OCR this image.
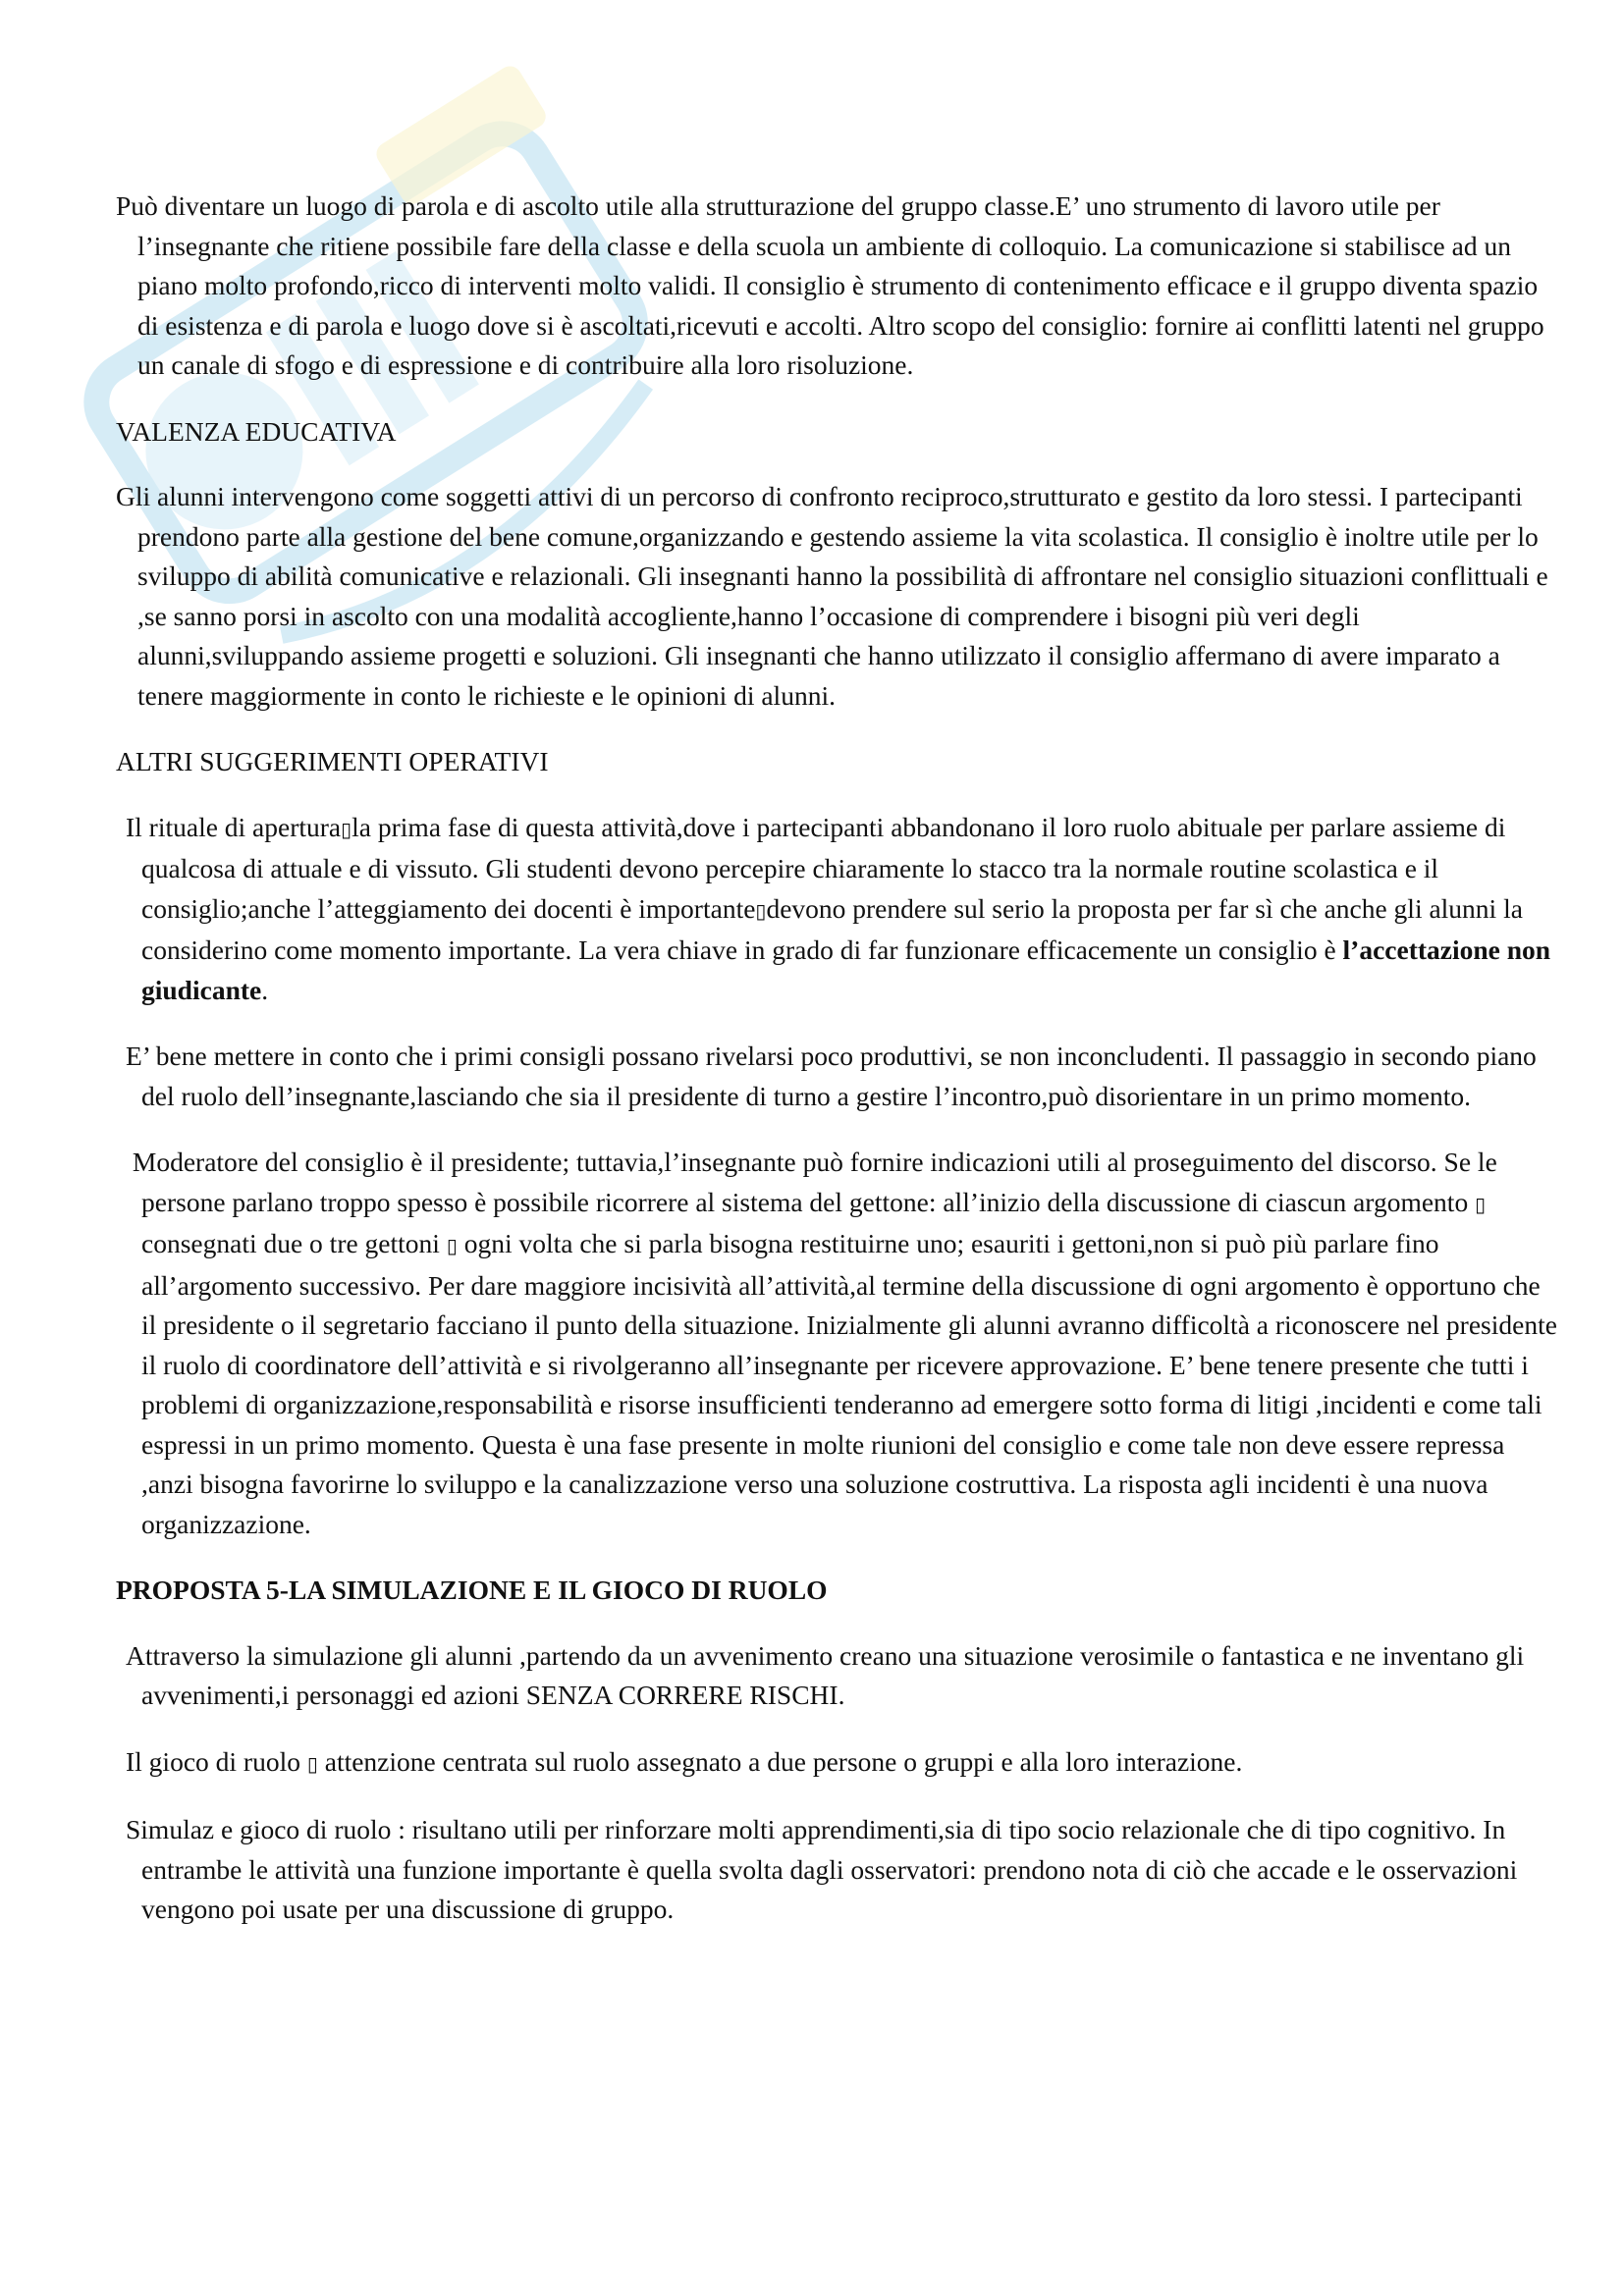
Può diventare un luogo di parola e di ascolto utile alla strutturazione del gruppo classe.E’ uno strumento di lavoro utile per l’insegnante che ritiene possibile fare della classe e della scuola un ambiente di colloquio. La comunicazione si stabilisce ad un piano molto profondo,ricco di interventi molto validi. Il consiglio è strumento di contenimento efficace e il gruppo diventa spazio di esistenza e di parola e luogo dove si è ascoltati,ricevuti e accolti. Altro scopo del consiglio: fornire ai conflitti latenti nel gruppo un canale di sfogo e di espressione e di contribuire alla loro risoluzione.

VALENZA EDUCATIVA

Gli alunni intervengono come soggetti attivi di un percorso di confronto reciproco,strutturato e gestito da loro stessi. I partecipanti prendono parte alla gestione del bene comune,organizzando e gestendo assieme la vita scolastica. Il consiglio è inoltre utile per lo sviluppo di abilità comunicative e relazionali. Gli insegnanti hanno la possibilità di affrontare nel consiglio situazioni conflittuali e ,se sanno porsi in ascolto con una modalità accogliente,hanno l’occasione di comprendere i bisogni più veri degli alunni,sviluppando assieme progetti e soluzioni. Gli insegnanti che hanno utilizzato il consiglio affermano di avere imparato a tenere maggiormente in conto le richieste e le opinioni di alunni.

ALTRI SUGGERIMENTI OPERATIVI

Il rituale di apertura▯la prima fase di questa attività,dove i partecipanti abbandonano il loro ruolo abituale per parlare assieme di qualcosa di attuale e di vissuto. Gli studenti devono percepire chiaramente lo stacco tra la normale routine scolastica e il consiglio;anche l’atteggiamento dei docenti è importante▯devono prendere sul serio la proposta per far sì che anche gli alunni la considerino come momento importante. La vera chiave in grado di far funzionare efficacemente un consiglio è l’accettazione non giudicante.

E’ bene mettere in conto che i primi consigli possano rivelarsi poco produttivi, se non inconcludenti. Il passaggio in secondo piano del ruolo dell’insegnante,lasciando che sia il presidente di turno a gestire l’incontro,può disorientare in un primo momento.

Moderatore del consiglio è il presidente; tuttavia,l’insegnante può fornire indicazioni utili al proseguimento del discorso. Se le persone parlano troppo spesso è possibile ricorrere al sistema del gettone: all’inizio della discussione di ciascun argomento ▯ consegnati due o tre gettoni ▯ ogni volta che si parla bisogna restituirne uno; esauriti i gettoni,non si può più parlare fino all’argomento successivo. Per dare maggiore incisività all’attività,al termine della discussione di ogni argomento è opportuno che il presidente o il segretario facciano il punto della situazione. Inizialmente gli alunni avranno difficoltà a riconoscere nel presidente il ruolo di coordinatore dell’attività e si rivolgeranno all’insegnante per ricevere approvazione. E’ bene tenere presente che tutti i problemi di organizzazione,responsabilità e risorse insufficienti tenderanno ad emergere sotto forma di litigi ,incidenti e come tali espressi in un primo momento. Questa è una fase presente in molte riunioni del consiglio e come tale non deve essere repressa ,anzi bisogna favorirne lo sviluppo e la canalizzazione verso una soluzione costruttiva. La risposta agli incidenti è una nuova organizzazione.

PROPOSTA 5-LA SIMULAZIONE E IL GIOCO DI RUOLO

Attraverso la simulazione gli alunni ,partendo da un avvenimento creano una situazione verosimile o fantastica e ne inventano gli avvenimenti,i personaggi ed azioni SENZA CORRERE RISCHI.

Il gioco di ruolo ▯ attenzione centrata sul ruolo assegnato a due persone o gruppi e alla loro interazione.

Simulaz e gioco di ruolo : risultano utili per rinforzare molti apprendimenti,sia di tipo socio relazionale che di tipo cognitivo. In entrambe le attività una funzione importante è quella svolta dagli osservatori: prendono nota di ciò che accade e le osservazioni vengono poi usate per una discussione di gruppo.
